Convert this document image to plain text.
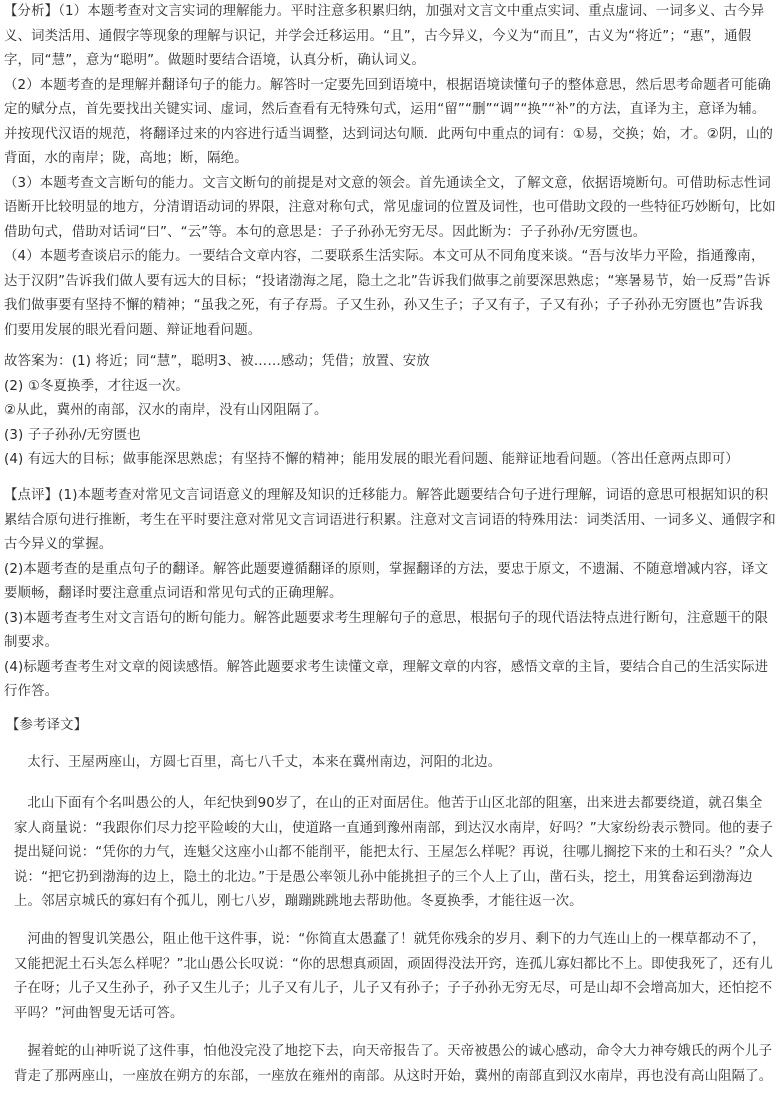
【分析】（1）本题考查对文言实词的理解能力。平时注意多积累归纳，加强对文言文中重点实词、重点虚词、一词多义、古今异义、词类活用、通假字等现象的理解与识记，并学会迁移运用。“且”，古今异义，今义为“而且”，古义为“将近”；“惠”，通假字，同“慧”，意为“聪明”。做题时要结合语境，认真分析，确认词义。
（2）本题考查的是理解并翻译句子的能力。解答时一定要先回到语境中，根据语境读懂句子的整体意思，然后思考命题者可能确定的赋分点，首先要找出关键实词、虚词，然后查看有无特殊句式，运用“留”“删”“调”“换”“补”的方法，直译为主，意译为辅。并按现代汉语的规范，将翻译过来的内容进行适当调整，达到词达句顺．此两句中重点的词有：①易，交换；始，才。②阴，山的背面，水的南岸；陇，高地；断，隔绝。
（3）本题考查文言断句的能力。文言文断句的前提是对文意的领会。首先通读全文，了解文意，依据语境断句。可借助标志性词语断开比较明显的地方，分清谓语动词的界限，注意对称句式，常见虚词的位置及词性，也可借助文段的一些特征巧妙断句，比如借助句式，借助对话词“曰”、“云”等。本句的意思是：子子孙孙无穷无尽。因此断为：子子孙孙/无穷匮也。
（4）本题考查谈启示的能力。一要结合文章内容，二要联系生活实际。本文可从不同角度来谈。“吾与汝毕力平险，指通豫南，达于汉阴”告诉我们做人要有远大的目标；“投诸渤海之尾，隐土之北”告诉我们做事之前要深思熟虑；“寒暑易节，始一反焉”告诉我们做事要有坚持不懈的精神；“虽我之死，有子存焉。子又生孙，孙又生子；子又有子，子又有孙；子子孙孙无穷匮也”告诉我们要用发展的眼光看问题、辩证地看问题。
故答案为：(1) 将近；同“慧”，聪明3、被……感动；凭借；放置、安放
(2) ①冬夏换季，才往返一次。
②从此，冀州的南部，汉水的南岸，没有山冈阻隔了。
(3) 子子孙孙/无穷匮也
(4) 有远大的目标；做事能深思熟虑；有坚持不懈的精神；能用发展的眼光看问题、能辩证地看问题。（答出任意两点即可）
【点评】(1)本题考查对常见文言词语意义的理解及知识的迁移能力。解答此题要结合句子进行理解，词语的意思可根据知识的积累结合原句进行推断，考生在平时要注意对常见文言词语进行积累。注意对文言词语的特殊用法：词类活用、一词多义、通假字和古今异义的掌握。
(2)本题考查的是重点句子的翻译。解答此题要遵循翻译的原则，掌握翻译的方法，要忠于原文，不遗漏、不随意增减内容，译文要顺畅，翻译时要注意重点词语和常见句式的正确理解。
(3)本题考查考生对文言语句的断句能力。解答此题要求考生理解句子的意思，根据句子的现代语法特点进行断句，注意题干的限制要求。
(4)标题考查考生对文章的阅读感悟。解答此题要求考生读懂文章，理解文章的内容，感悟文章的主旨，要结合自己的生活实际进行作答。
【参考译文】
太行、王屋两座山，方圆七百里，高七八千丈，本来在冀州南边，河阳的北边。
北山下面有个名叫愚公的人，年纪快到90岁了，在山的正对面居住。他苦于山区北部的阻塞，出来进去都要绕道，就召集全家人商量说：“我跟你们尽力挖平险峻的大山，使道路一直通到豫州南部，到达汉水南岸，好吗？”大家纷纷表示赞同。他的妻子提出疑问说：“凭你的力气，连魁父这座小山都不能削平，能把太行、王屋怎么样呢？再说，往哪儿搁挖下来的土和石头？”众人说：“把它扔到渤海的边上，隐土的北边。”于是愚公率领儿孙中能挑担子的三个人上了山，凿石头，挖土，用箕畚运到渤海边上。邻居京城氏的寡妇有个孤儿，刚七八岁，蹦蹦跳跳地去帮助他。冬夏换季，才能往返一次。
河曲的智叟讥笑愚公，阻止他干这件事，说：“你简直太愚蠢了！就凭你残余的岁月、剩下的力气连山上的一棵草都动不了，又能把泥土石头怎么样呢？”北山愚公长叹说：“你的思想真顽固，顽固得没法开窍，连孤儿寡妇都比不上。即使我死了，还有儿子在呀；儿子又生孙子，孙子又生儿子；儿子又有儿子，儿子又有孙子；子子孙孙无穷无尽，可是山却不会增高加大，还怕挖不平吗？”河曲智叟无话可答。
握着蛇的山神听说了这件事，怕他没完没了地挖下去，向天帝报告了。天帝被愚公的诚心感动，命令大力神夸娥氏的两个儿子背走了那两座山，一座放在朔方的东部，一座放在雍州的南部。从这时开始，冀州的南部直到汉水南岸，再也没有高山阻隔了。
